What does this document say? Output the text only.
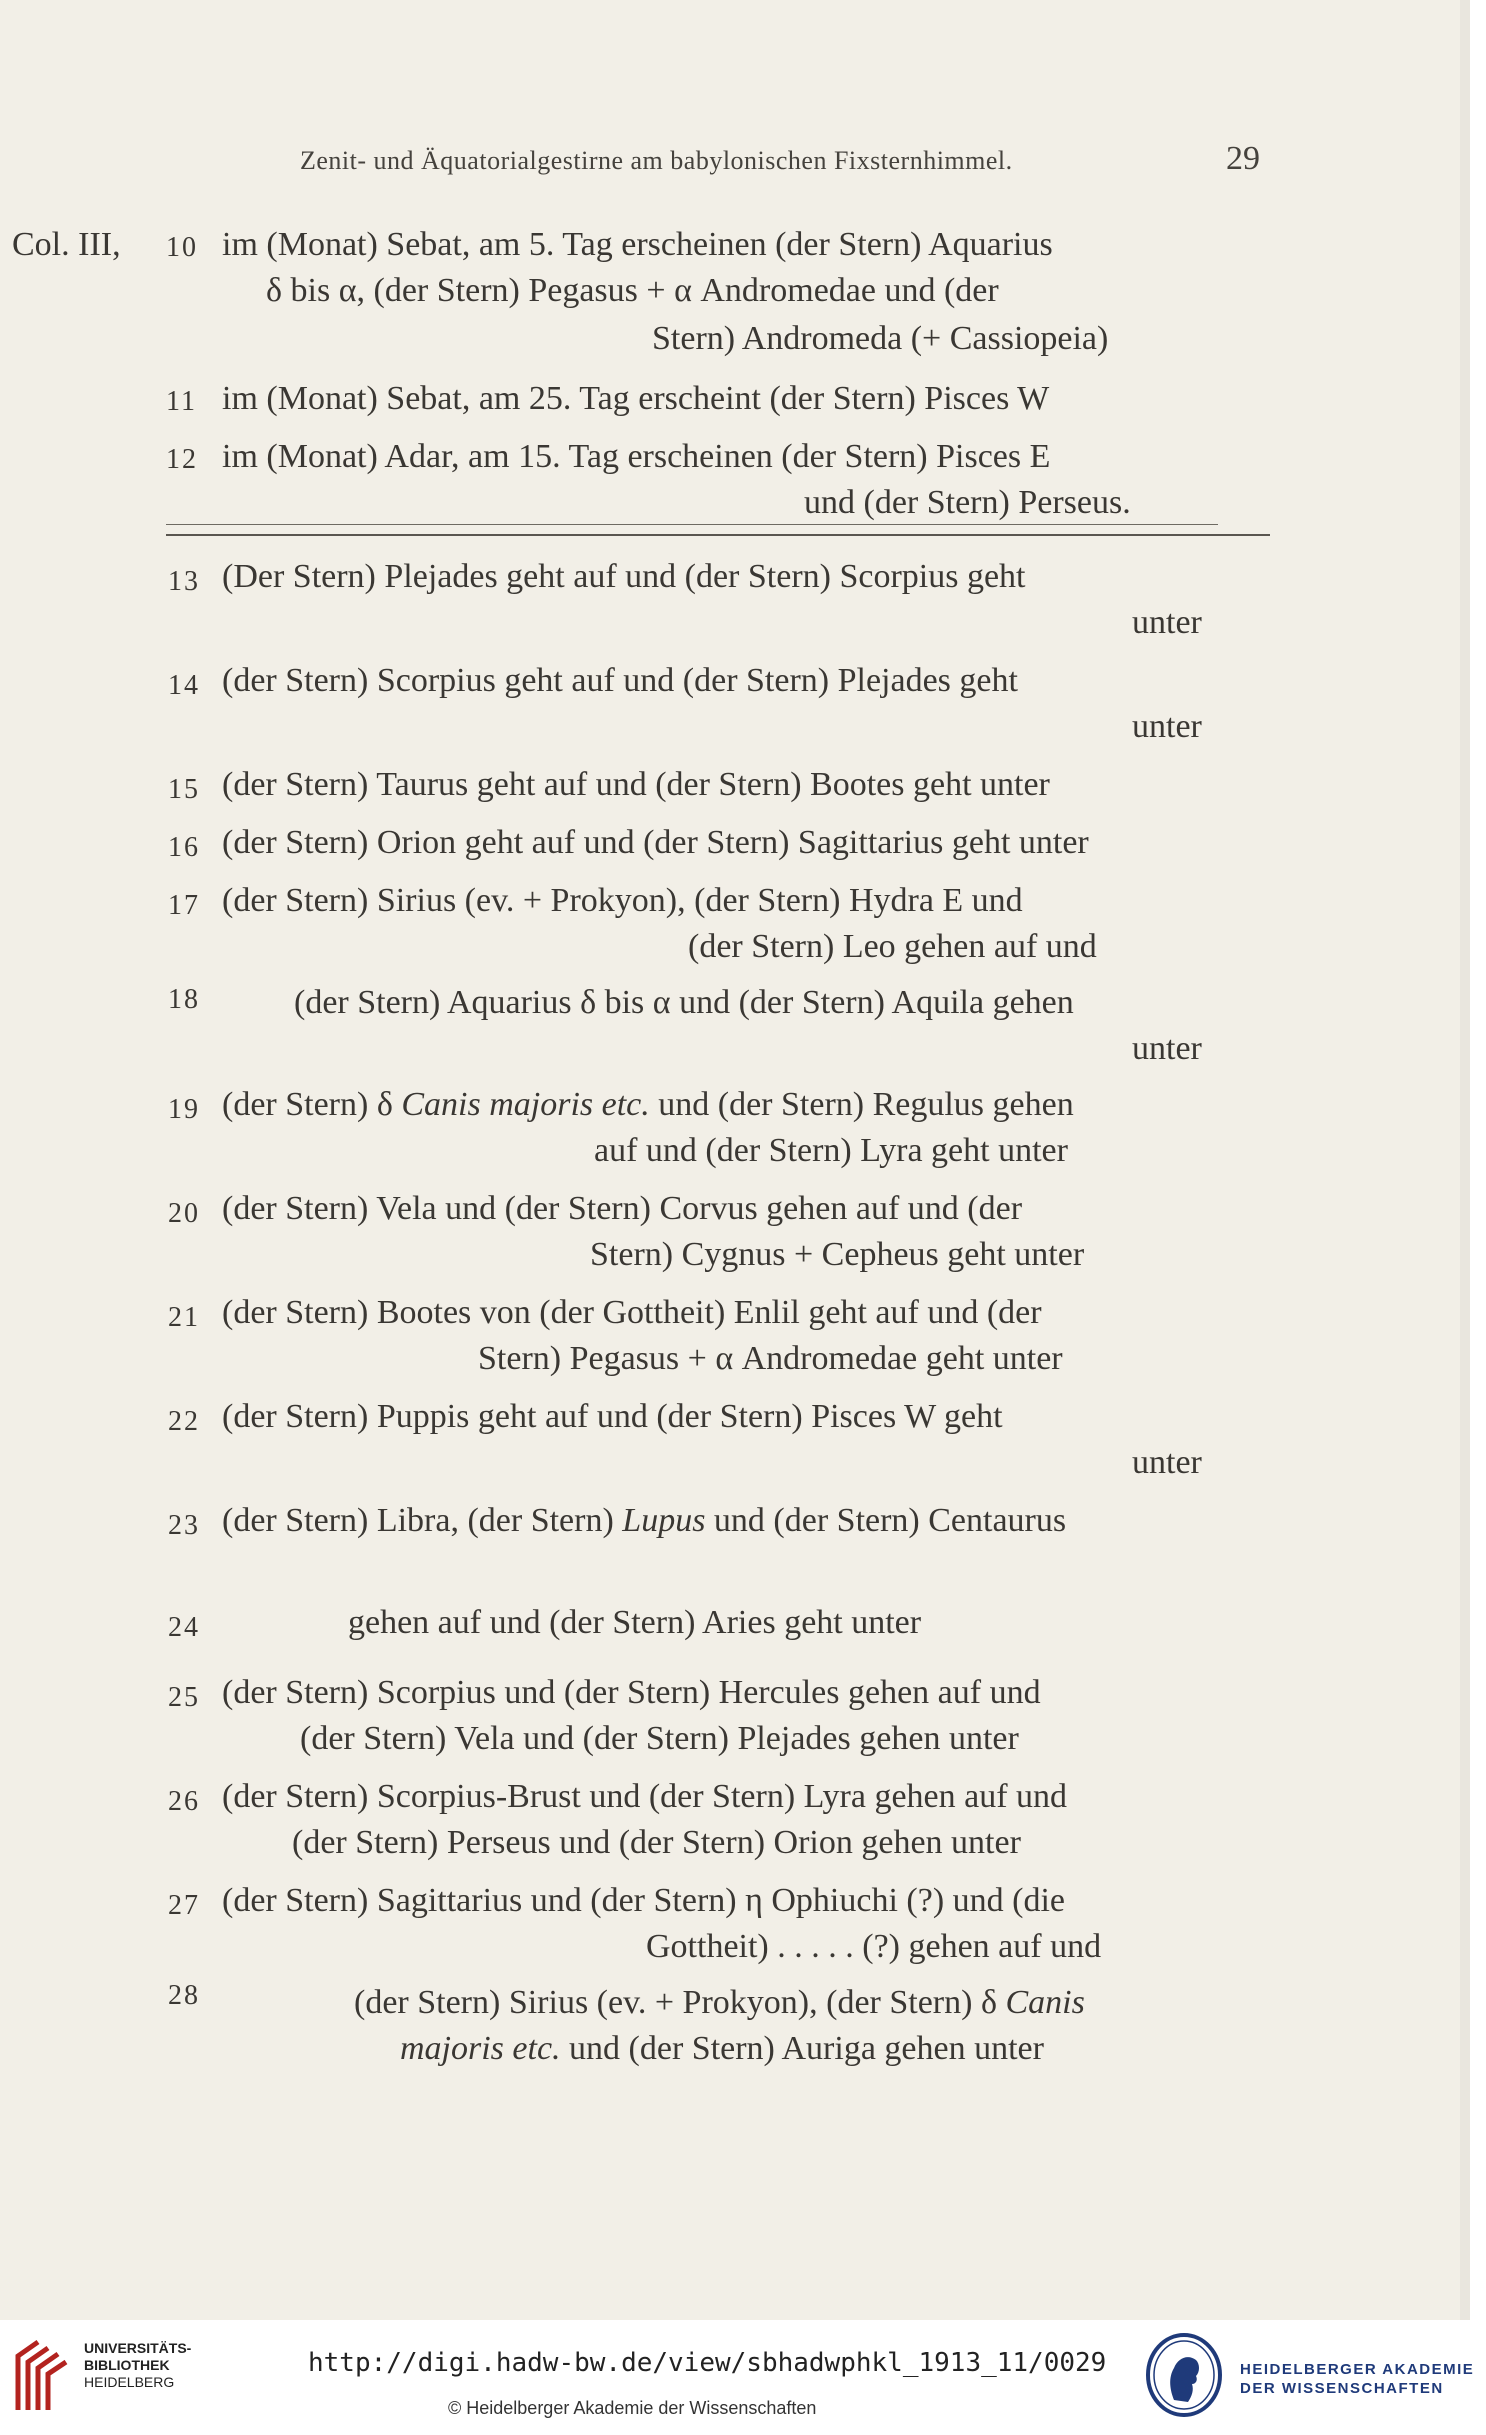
Zenit- und Äquatorialgestirne am babylonischen Fixsternhimmel.	29
Col. III, 10 im (Monat) Sebat, am 5. Tag erscheinen (der Stern) Aquarius
δ bis α, (der Stern) Pegasus + α Andromedae und (der
Stern) Andromeda (+ Cassiopeia)
11 im (Monat) Sebat, am 25. Tag erscheint (der Stern) Pisces W
12 im (Monat) Adar, am 15. Tag erscheinen (der Stern) Pisces E
und (der Stern) Perseus.
13 (Der Stern) Plejades geht auf und (der Stern) Scorpius geht
unter
14 (der Stern) Scorpius geht auf und (der Stern) Plejades geht
unter
15 (der Stern) Taurus geht auf und (der Stern) Bootes geht unter
16 (der Stern) Orion geht auf und (der Stern) Sagittarius geht unter
17 (der Stern) Sirius (ev. + Prokyon), (der Stern) Hydra E und
(der Stern) Leo gehen auf und
18	(der Stern) Aquarius δ bis α und (der Stern) Aquila gehen
unter
19 (der Stern) δ Canis majoris etc. und (der Stern) Regulus gehen
auf und (der Stern) Lyra geht unter
20 (der Stern) Vela und (der Stern) Corvus gehen auf und (der
Stern) Cygnus + Cepheus geht unter
21 (der Stern) Bootes von (der Gottheit) Enlil geht auf und (der
Stern) Pegasus + α Andromedae geht unter
22 (der Stern) Puppis geht auf und (der Stern) Pisces W geht
unter
23 (der Stern) Libra, (der Stern) Lupus und (der Stern) Centaurus
24	gehen auf und (der Stern) Aries geht unter
25 (der Stern) Scorpius und (der Stern) Hercules gehen auf und
(der Stern) Vela und (der Stern) Plejades gehen unter
26 (der Stern) Scorpius-Brust und (der Stern) Lyra gehen auf und
(der Stern) Perseus und (der Stern) Orion gehen unter
27 (der Stern) Sagittarius und (der Stern) η Ophiuchi (?) und (die
Gottheit) . . . . . (?) gehen auf und
28	(der Stern) Sirius (ev. + Prokyon), (der Stern) δ Canis
majoris etc. und (der Stern) Auriga gehen unter
UNIVERSITÄTS-
BIBLIOTHEK
HEIDELBERG
http://digi.hadw-bw.de/view/sbhadwphkl_1913_11/0029
© Heidelberger Akademie der Wissenschaften
HEIDELBERGER AKADEMIE
DER WISSENSCHAFTEN
